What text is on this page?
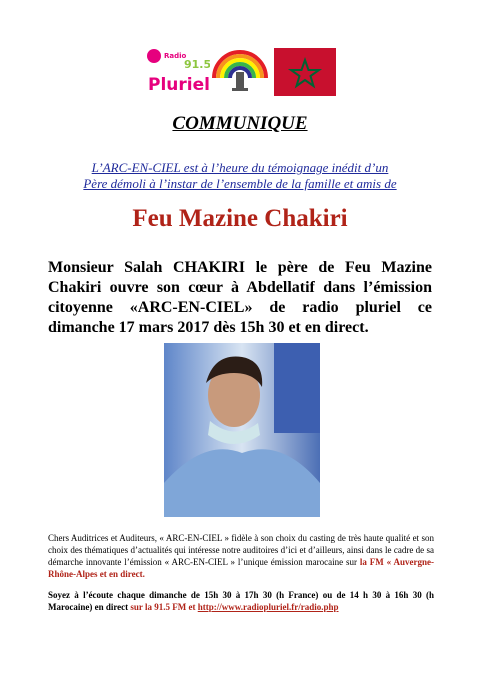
Radio
91.5
Pluriel
COMMUNIQUE
L’ARC-EN-CIEL est à l’heure du témoignage inédit d’un
Père démoli à l’instar de l’ensemble de la famille et amis de
Feu Mazine Chakiri
Monsieur Salah CHAKIRI le père de Feu Mazine Chakiri ouvre son cœur à Abdellatif dans l’émission citoyenne «ARC-EN-CIEL» de radio pluriel ce dimanche 17 mars 2017 dès 15h 30 et en direct.
Chers Auditrices et Auditeurs, « ARC-EN-CIEL » fidèle à son choix du casting de très haute qualité et son choix des thématiques d’actualités qui intéresse notre auditoires d’ici et d’ailleurs, ainsi dans le cadre de sa démarche innovante l’émission « ARC-EN-CIEL » l’unique émission marocaine sur la FM « Auvergne-Rhône-Alpes et en direct.
Soyez à l’écoute chaque dimanche de 15h 30 à 17h 30 (h France) ou de 14 h 30 à 16h 30 (h Marocaine) en direct sur la 91.5 FM et http://www.radiopluriel.fr/radio.php
